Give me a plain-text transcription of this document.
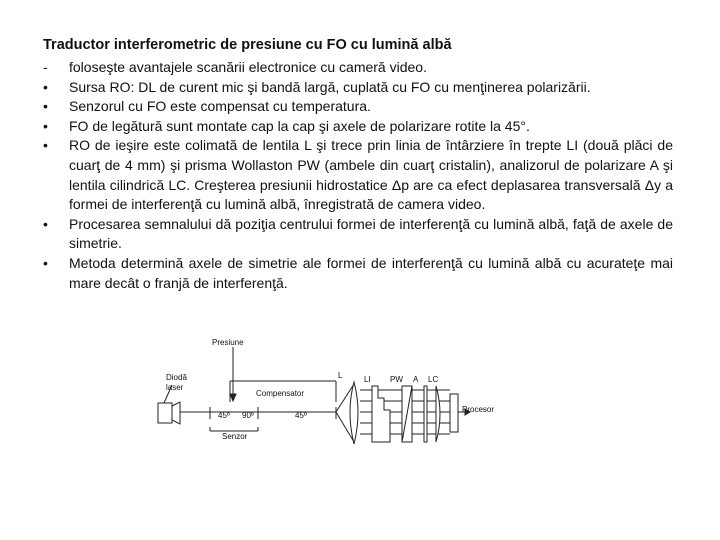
Traductor interferometric de presiune cu FO cu lumină albă
-	foloseşte avantajele scanării electronice cu cameră video.
•	Sursa RO: DL de curent mic şi bandă largă, cuplată cu FO cu menţinerea polarizării.
•	Senzorul cu FO este compensat cu temperatura.
•	FO de legătură sunt montate cap la cap şi axele de polarizare rotite la 45°.
•	RO de ieşire este colimată de lentila L şi trece prin linia de întârziere în trepte LI (două plăci de cuarţ de 4 mm) şi prisma Wollaston PW (ambele din cuarţ cristalin), analizorul de polarizare A şi lentila cilindrică LC. Creşterea presiunii hidrostatice Δp are ca efect deplasarea transversală Δy a formei de interferenţă cu lumină albă, înregistrată de camera video.
•	Procesarea semnalului dă poziţia centrului formei de interferenţă cu lumină albă, faţă de axele de simetrie.
•	Metoda determină axele de simetrie ale formei de interferenţă cu lumină albă cu acurateţe mai mare decât o franjă de interferenţă.
Presiune
Diodă
laser
Compensator
45º 90º	45º
Senzor
L	LI PW A LC
Procesor
